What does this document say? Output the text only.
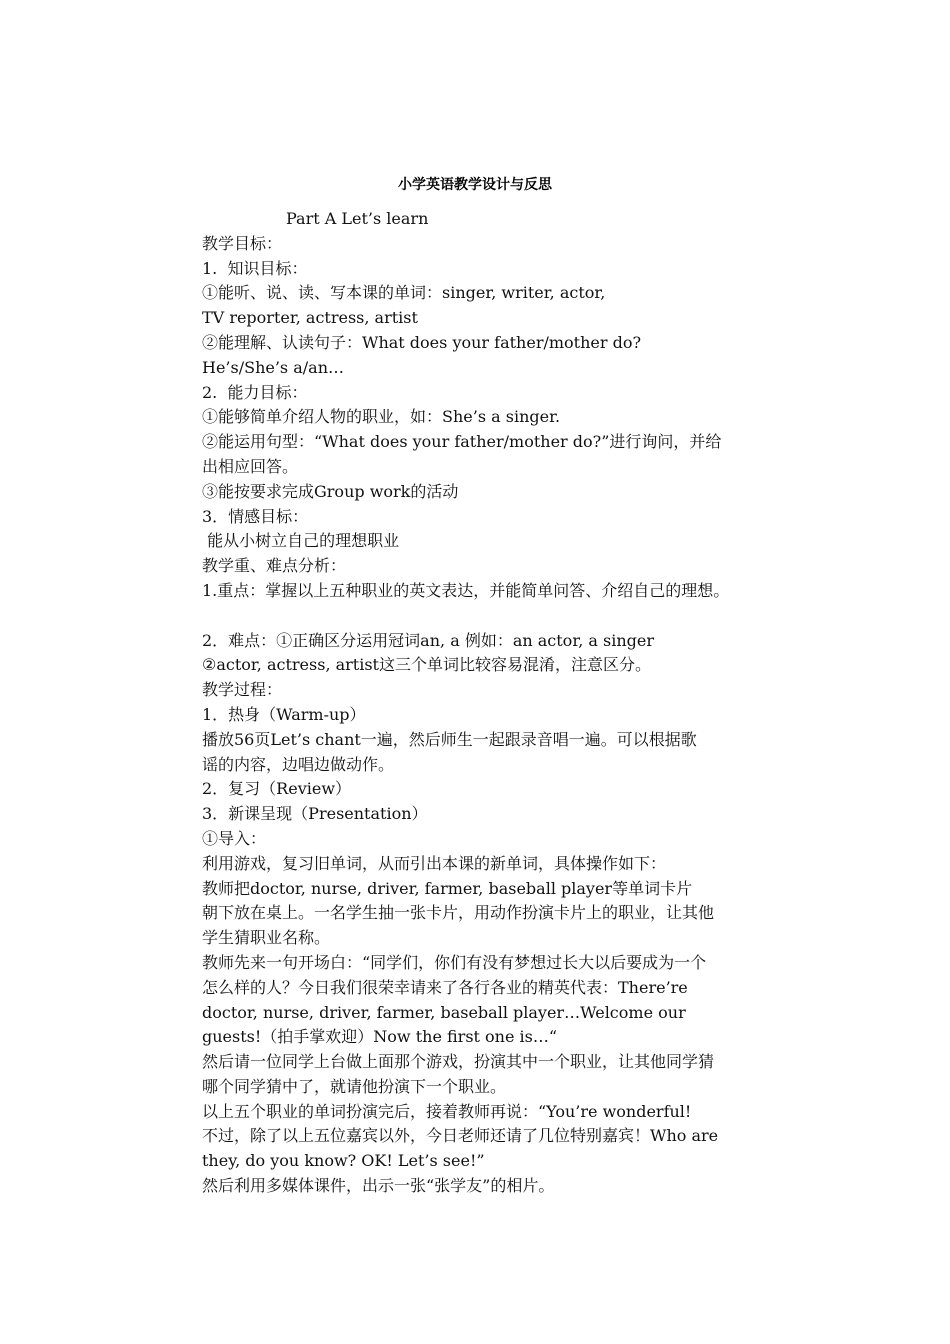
小学英语教学设计与反思
Part A Let’s learn
教学目标：
1.  知识目标：
①能听、说、读、写本课的单词：singer, writer, actor,
TV reporter, actress, artist
②能理解、认读句子：What does your father/mother do?
He’s/She’s a/an…
2.  能力目标：
①能够简单介绍人物的职业，如：She’s a singer.
②能运用句型：“What does your father/mother do?”进行询问，并给
出相应回答。
③能按要求完成Group work的活动
3．情感目标：
能从小树立自己的理想职业
教学重、难点分析：
1.重点：掌握以上五种职业的英文表达，并能简单问答、介绍自己的理想。
2．难点：①正确区分运用冠词an, a 例如：an actor, a singer
②actor, actress, artist这三个单词比较容易混淆，注意区分。
教学过程：
1．热身（Warm-up）
播放56页Let’s chant一遍，然后师生一起跟录音唱一遍。可以根据歌
谣的内容，边唱边做动作。
2．复习（Review）
3．新课呈现（Presentation）
①导入：
利用游戏，复习旧单词，从而引出本课的新单词，具体操作如下：
教师把doctor, nurse, driver, farmer, baseball player等单词卡片
朝下放在桌上。一名学生抽一张卡片，用动作扮演卡片上的职业，让其他
学生猜职业名称。
教师先来一句开场白：“同学们，你们有没有梦想过长大以后要成为一个
怎么样的人？今日我们很荣幸请来了各行各业的精英代表：There’re
doctor, nurse, driver, farmer, baseball player…Welcome our
guests!（拍手掌欢迎）Now the first one is…“
然后请一位同学上台做上面那个游戏，扮演其中一个职业，让其他同学猜
哪个同学猜中了，就请他扮演下一个职业。
以上五个职业的单词扮演完后，接着教师再说：“You’re wonderful!
不过，除了以上五位嘉宾以外，今日老师还请了几位特别嘉宾！Who are
they, do you know? OK! Let’s see!”
然后利用多媒体课件，出示一张“张学友”的相片。
